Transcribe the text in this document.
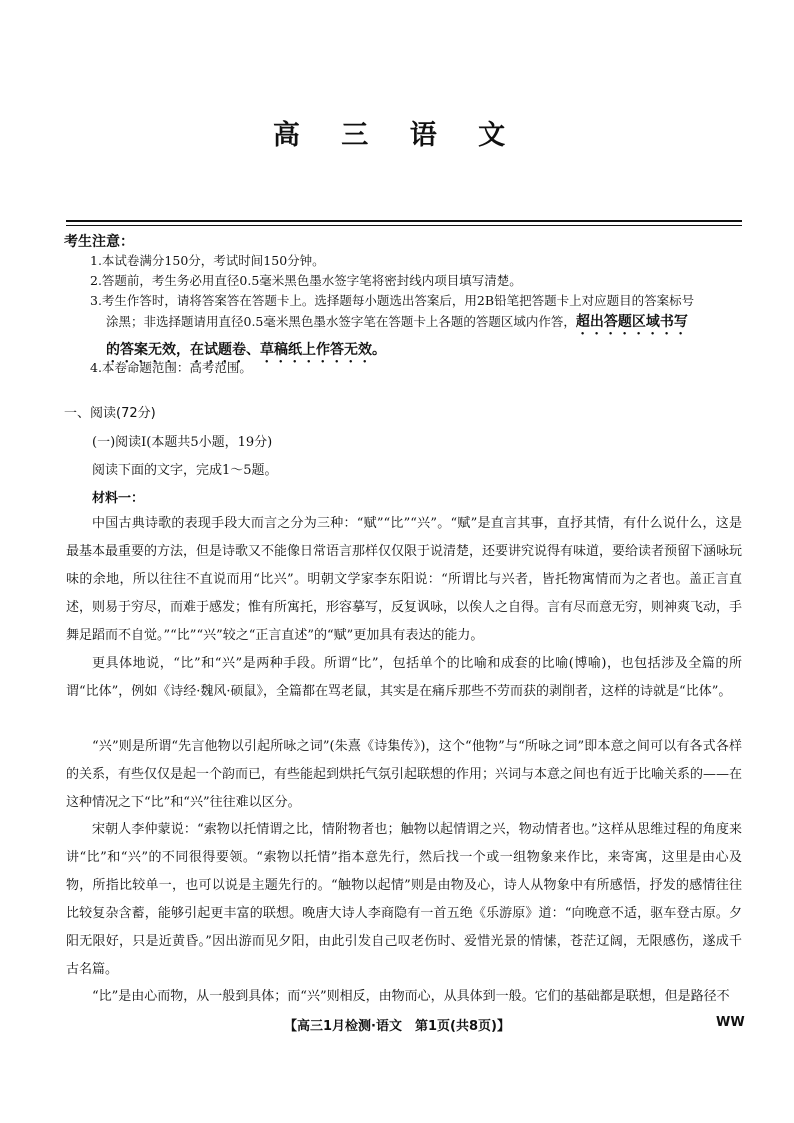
高 三 语 文
考生注意：
1.本试卷满分150分，考试时间150分钟。
2.答题前，考生务必用直径0.5毫米黑色墨水签字笔将密封线内项目填写清楚。
3.考生作答时，请将答案答在答题卡上。选择题每小题选出答案后，用2B铅笔把答题卡上对应题目的答案标号
涂黑；非选择题请用直径0.5毫米黑色墨水签字笔在答题卡上各题的答题区域内作答，超出答题区域书写
的答案无效，在试题卷、草稿纸上作答无效。
4.本卷命题范围：高考范围。
一、阅读(72分)
(一)阅读Ⅰ(本题共5小题，19分)
阅读下面的文字，完成1～5题。
材料一：
中国古典诗歌的表现手段大而言之分为三种：“赋”“比”“兴”。“赋”是直言其事，直抒其情，有什么说什么，这是最基本最重要的方法，但是诗歌又不能像日常语言那样仅仅限于说清楚，还要讲究说得有味道，要给读者预留下涵咏玩味的余地，所以往往不直说而用“比兴”。明朝文学家李东阳说：“所谓比与兴者，皆托物寓情而为之者也。盖正言直述，则易于穷尽，而难于感发；惟有所寓托，形容摹写，反复讽咏，以俟人之自得。言有尽而意无穷，则神爽飞动，手舞足蹈而不自觉。”“比”“兴”较之“正言直述”的“赋”更加具有表达的能力。
更具体地说，“比”和“兴”是两种手段。所谓“比”，包括单个的比喻和成套的比喻(博喻)，也包括涉及全篇的所谓“比体”，例如《诗经·魏风·硕鼠》，全篇都在骂老鼠，其实是在痛斥那些不劳而获的剥削者，这样的诗就是“比体”。
“兴”则是所谓“先言他物以引起所咏之词”(朱熹《诗集传》)，这个“他物”与“所咏之词”即本意之间可以有各式各样的关系，有些仅仅是起一个韵而已，有些能起到烘托气氛引起联想的作用；兴词与本意之间也有近于比喻关系的——在这种情况之下“比”和“兴”往往难以区分。
宋朝人李仲蒙说：“索物以托情谓之比，情附物者也；触物以起情谓之兴，物动情者也。”这样从思维过程的角度来讲“比”和“兴”的不同很得要领。“索物以托情”指本意先行，然后找一个或一组物象来作比，来寄寓，这里是由心及物，所指比较单一，也可以说是主题先行的。“触物以起情”则是由物及心，诗人从物象中有所感悟，抒发的感情往往比较复杂含蓄，能够引起更丰富的联想。晚唐大诗人李商隐有一首五绝《乐游原》道：“向晚意不适，驱车登古原。夕阳无限好，只是近黄昏。”因出游而见夕阳，由此引发自己叹老伤时、爱惜光景的情愫，苍茫辽阔，无限感伤，遂成千古名篇。
“比”是由心而物，从一般到具体；而“兴”则相反，由物而心，从具体到一般。它们的基础都是联想，但是路径不
【高三1月检测·语文　第1页(共8页)】	WW
